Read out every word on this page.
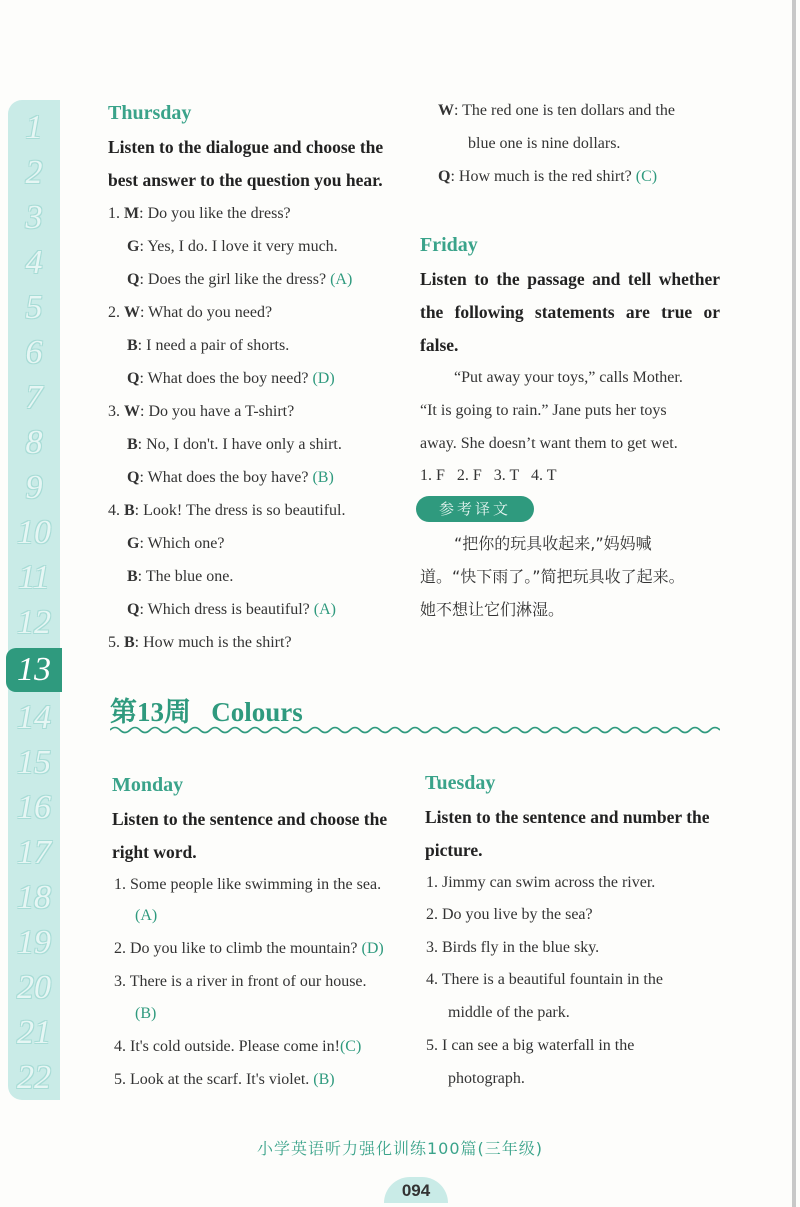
1
2
3
4
5
6
7
8
9
10
11
12
13
14
15
16
17
18
19
20
21
22
Thursday
Listen to the dialogue and choose the best answer to the question you hear.
1. M: Do you like the dress?
G: Yes, I do. I love it very much.
Q: Does the girl like the dress? (A)
2. W: What do you need?
B: I need a pair of shorts.
Q: What does the boy need? (D)
3. W: Do you have a T-shirt?
B: No, I don't. I have only a shirt.
Q: What does the boy have? (B)
4. B: Look! The dress is so beautiful.
G: Which one?
B: The blue one.
Q: Which dress is beautiful? (A)
5. B: How much is the shirt?
W: The red one is ten dollars and the
blue one is nine dollars.
Q: How much is the red shirt? (C)
Friday
Listen to the passage and tell whether the following statements are true or false.
“Put away your toys,” calls Mother.
“It is going to rain.” Jane puts her toys
away. She doesn’t want them to get wet.
1. F   2. F   3. T   4. T
参考译文
“把你的玩具收起来,”妈妈喊
道。“快下雨了。”简把玩具收了起来。
她不想让它们淋湿。
第13周 Colours
Monday
Listen to the sentence and choose the right word.
1. Some people like swimming in the sea.
(A)
2. Do you like to climb the mountain? (D)
3. There is a river in front of our house.
(B)
4. It's cold outside. Please come in!(C)
5. Look at the scarf. It's violet. (B)
Tuesday
Listen to the sentence and number the picture.
1. Jimmy can swim across the river.
2. Do you live by the sea?
3. Birds fly in the blue sky.
4. There is a beautiful fountain in the
middle of the park.
5. I can see a big waterfall in the
photograph.
小学英语听力强化训练100篇(三年级)
094
